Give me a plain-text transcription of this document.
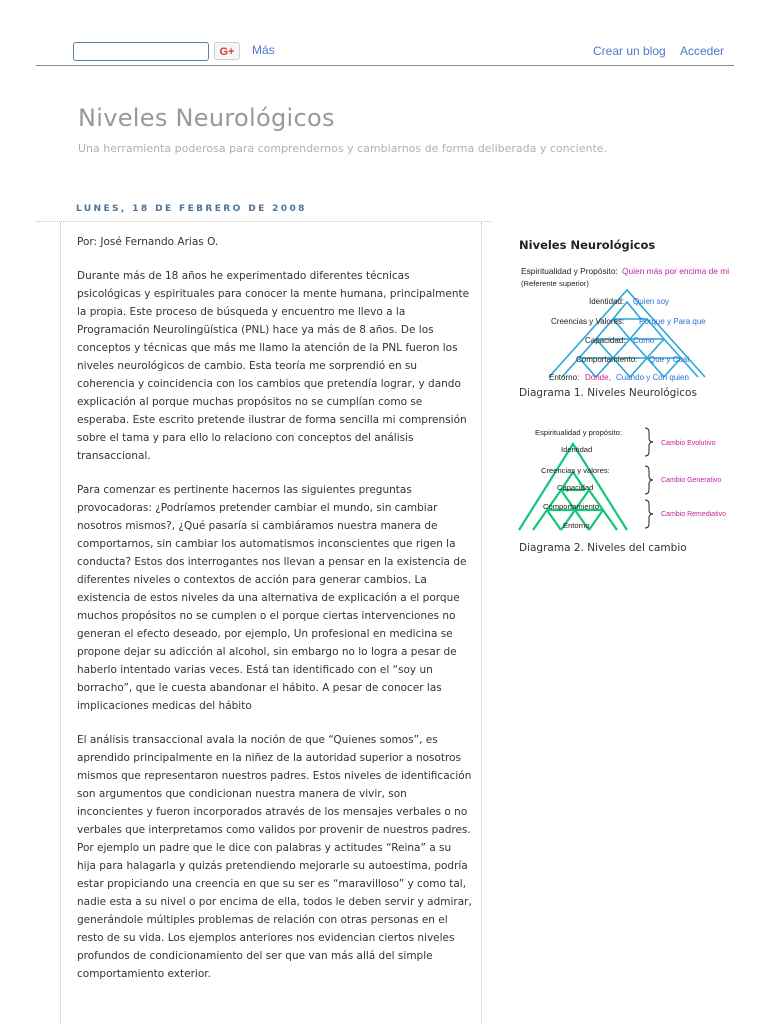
G+	Más	Crear un blog Acceder
Niveles Neurológicos
Una herramienta poderosa para comprendernos y cambiarnos de forma deliberada y conciente.
LUNES, 18 DE FEBRERO DE 2008

Por: José Fernando Arias O.

Durante más de 18 años he experimentado diferentes técnicas psicológicas y espirituales para conocer la mente humana, principalmente la propia. Este proceso de búsqueda y encuentro me llevo a la Programación Neurolingüística (PNL) hace ya más de 8 años. De los conceptos y técnicas que más me llamo la atención de la PNL fueron los niveles neurológicos de cambio. Esta teoría me sorprendió en su coherencia y coincidencia con los cambios que pretendía lograr, y dando explicación al porque muchas propósitos no se cumplían como se esperaba. Este escrito pretende ilustrar de forma sencilla mi comprensión sobre el tama y para ello lo relaciono con conceptos del análisis transaccional.

Para comenzar es pertinente hacernos las siguientes preguntas provocadoras: ¿Podríamos pretender cambiar el mundo, sin cambiar nosotros mismos?, ¿Qué pasaría si cambiáramos nuestra manera de comportarnos, sin cambiar los automatismos inconscientes que rigen la conducta? Estos dos interrogantes nos llevan a pensar en la existencia de diferentes niveles o contextos de acción para generar cambios. La existencia de estos niveles da una alternativa de explicación a el porque muchos propósitos no se cumplen o el porque ciertas intervenciones no generan el efecto deseado, por ejemplo, Un profesional en medicina se propone dejar su adicción al alcohol, sin embargo no lo logra a pesar de haberlo intentado varias veces. Está tan identificado con el “soy un borracho”, que le cuesta abandonar el hábito. A pesar de conocer las implicaciones medicas del hábito

El análisis transaccional avala la noción de que “Quienes somos”, es aprendido principalmente en la niñez de la autoridad superior a nosotros mismos que representaron nuestros padres. Estos niveles de identificación son argumentos que condicionan nuestra manera de vivir, son inconcientes y fueron incorporados através de los mensajes verbales o no verbales que interpretamos como validos por provenir de nuestros padres. Por ejemplo un padre que le dice con palabras y actitudes “Reina” a su hija para halagarla y quizás pretendiendo mejorarle su autoestima, podría estar propiciando una creencia en que su ser es “maravilloso” y como tal, nadie esta a su nivel o por encima de ella, todos le deben servir y admirar, generándole múltiples problemas de relación con otras personas en el resto de su vida. Los ejemplos anteriores nos evidencian ciertos niveles profundos de condicionamiento del ser que van más allá del simple comportamiento exterior.

Niveles Neurológicos
Espiritualidad y Propósito: Quien más por encima de mi
(Referente superior)
Identidad: Quien soy
Creencias y Valores: Porque y Para que
Capacidad: Como
Comportamiento: Que y Cual
Entorno: Donde, Cuando y Con quien
Diagrama 1. Niveles Neurológicos
Espiritualidad y propósito:
Identidad
Creencias y valores:
Capacidad
Comportamiento
Entorno
Cambio Evolutivo
Cambio Generativo
Cambio Remediativo
Diagrama 2. Niveles del cambio
